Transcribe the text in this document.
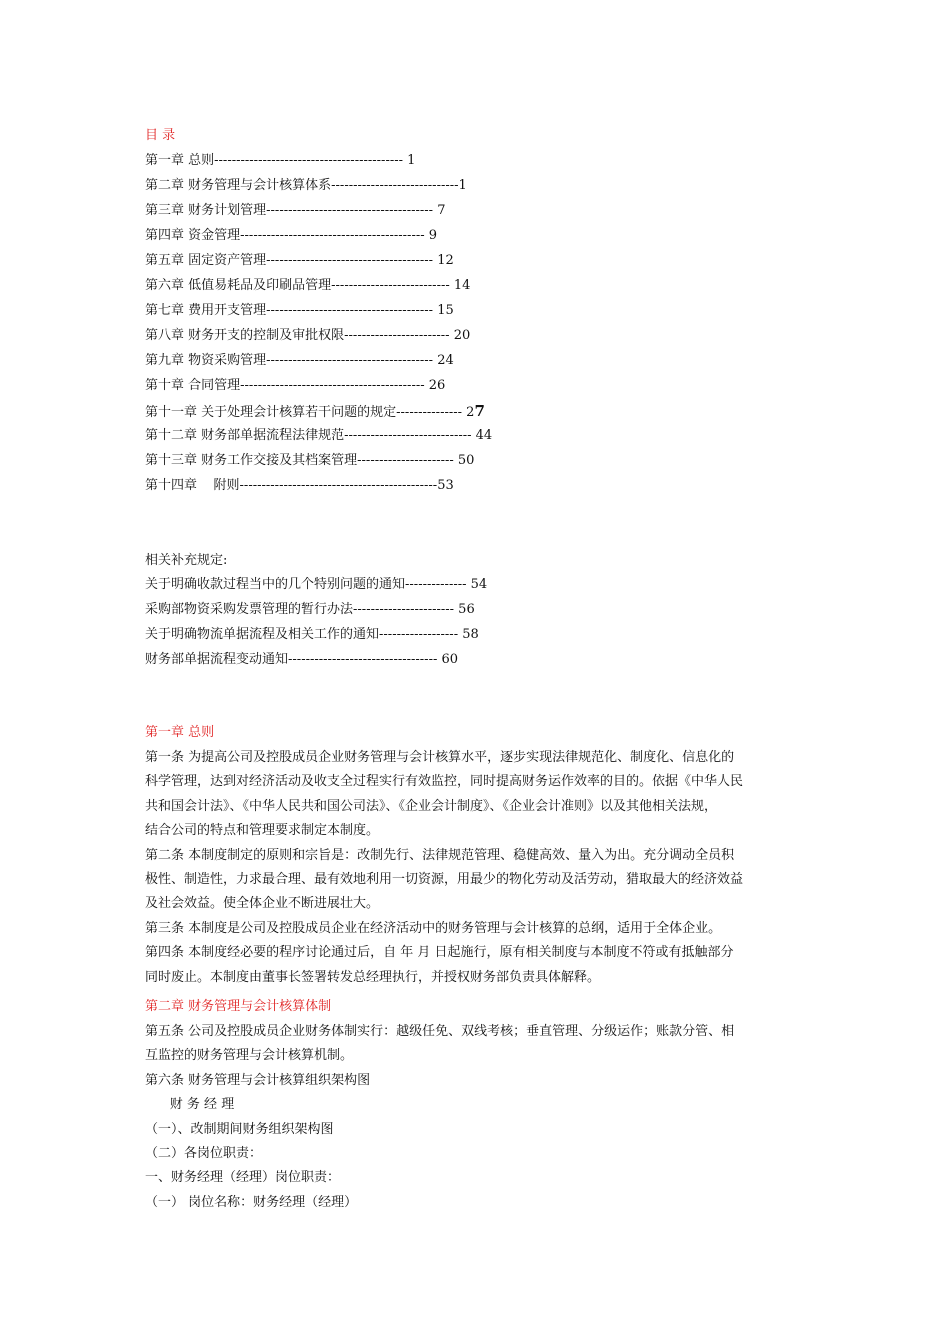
目 录
第一章 总则------------------------------------------- 1
第二章 财务管理与会计核算体系-----------------------------1
第三章 财务计划管理-------------------------------------- 7
第四章 资金管理------------------------------------------ 9
第五章 固定资产管理-------------------------------------- 12
第六章 低值易耗品及印刷品管理--------------------------- 14
第七章 费用开支管理-------------------------------------- 15
第八章 财务开支的控制及审批权限------------------------ 20
第九章 物资采购管理-------------------------------------- 24
第十章 合同管理------------------------------------------ 26
第十一章 关于处理会计核算若干问题的规定--------------- 27
第十二章 财务部单据流程法律规范----------------------------- 44
第十三章 财务工作交接及其档案管理---------------------- 50
第十四章    附则---------------------------------------------53
相关补充规定:
关于明确收款过程当中的几个特别问题的通知-------------- 54
采购部物资采购发票管理的暂行办法----------------------- 56
关于明确物流单据流程及相关工作的通知------------------ 58
财务部单据流程变动通知---------------------------------- 60
第一章 总则
第一条 为提高公司及控股成员企业财务管理与会计核算水平，逐步实现法律规范化、制度化、信息化的
科学管理，达到对经济活动及收支全过程实行有效监控，同时提高财务运作效率的目的。依据《中华人民
共和国会计法》、《中华人民共和国公司法》、《企业会计制度》、《企业会计准则》以及其他相关法规，
结合公司的特点和管理要求制定本制度。
第二条 本制度制定的原则和宗旨是：改制先行、法律规范管理、稳健高效、量入为出。充分调动全员积
极性、制造性，力求最合理、最有效地利用一切资源，用最少的物化劳动及活劳动，猎取最大的经济效益
及社会效益。使全体企业不断进展壮大。
第三条 本制度是公司及控股成员企业在经济活动中的财务管理与会计核算的总纲，适用于全体企业。
第四条 本制度经必要的程序讨论通过后，自 年 月 日起施行，原有相关制度与本制度不符或有抵触部分
同时废止。本制度由董事长签署转发总经理执行，并授权财务部负责具体解释。
第二章 财务管理与会计核算体制
第五条 公司及控股成员企业财务体制实行：越级任免、双线考核；垂直管理、分级运作；账款分管、相
互监控的财务管理与会计核算机制。
第六条 财务管理与会计核算组织架构图
财 务 经 理
（一）、改制期间财务组织架构图
（二）各岗位职责：
一、财务经理（经理）岗位职责：
（一） 岗位名称：财务经理（经理）
